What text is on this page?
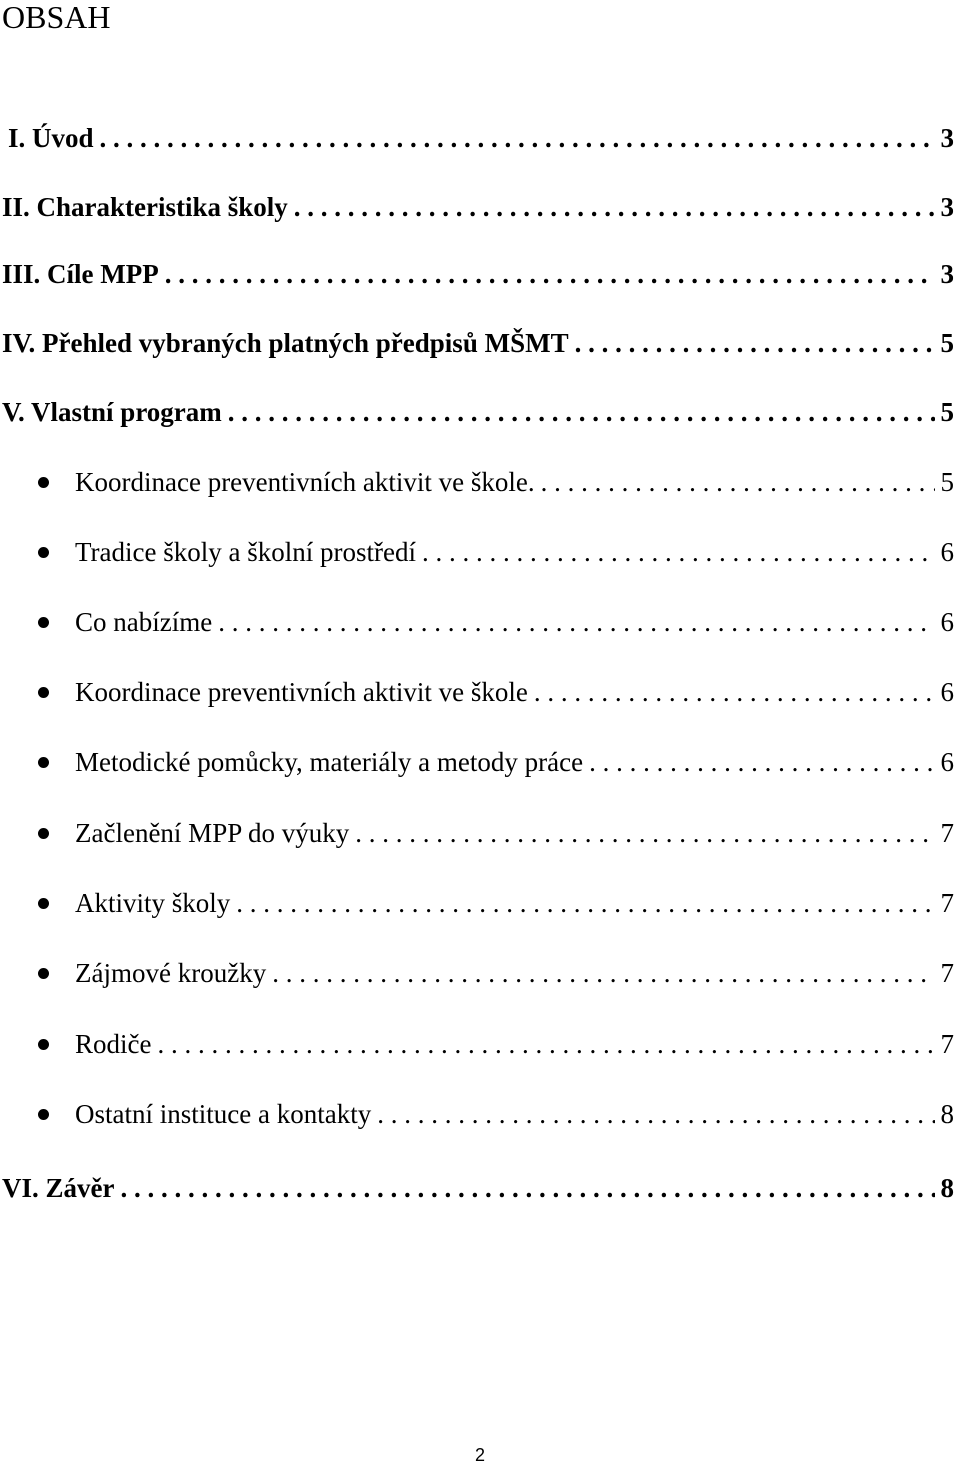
OBSAH
I. Úvod . . .	3
II. Charakteristika školy . . .	3
III. Cíle MPP . . .	3
IV. Přehled vybraných platných předpisů MŠMT . . .	5
V. Vlastní program . . .	5
Koordinace preventivních aktivit ve škole. . . .	5
Tradice školy a školní prostředí . . .	6
Co nabízíme . . .	6
Koordinace preventivních aktivit ve škole . . .	6
Metodické pomůcky, materiály a metody práce . . .	6
Začlenění MPP do výuky . . .	7
Aktivity školy . . .	7
Zájmové kroužky . . .	7
Rodiče . . .	7
Ostatní instituce a kontakty . . .	8
VI. Závěr . . .	8
2
